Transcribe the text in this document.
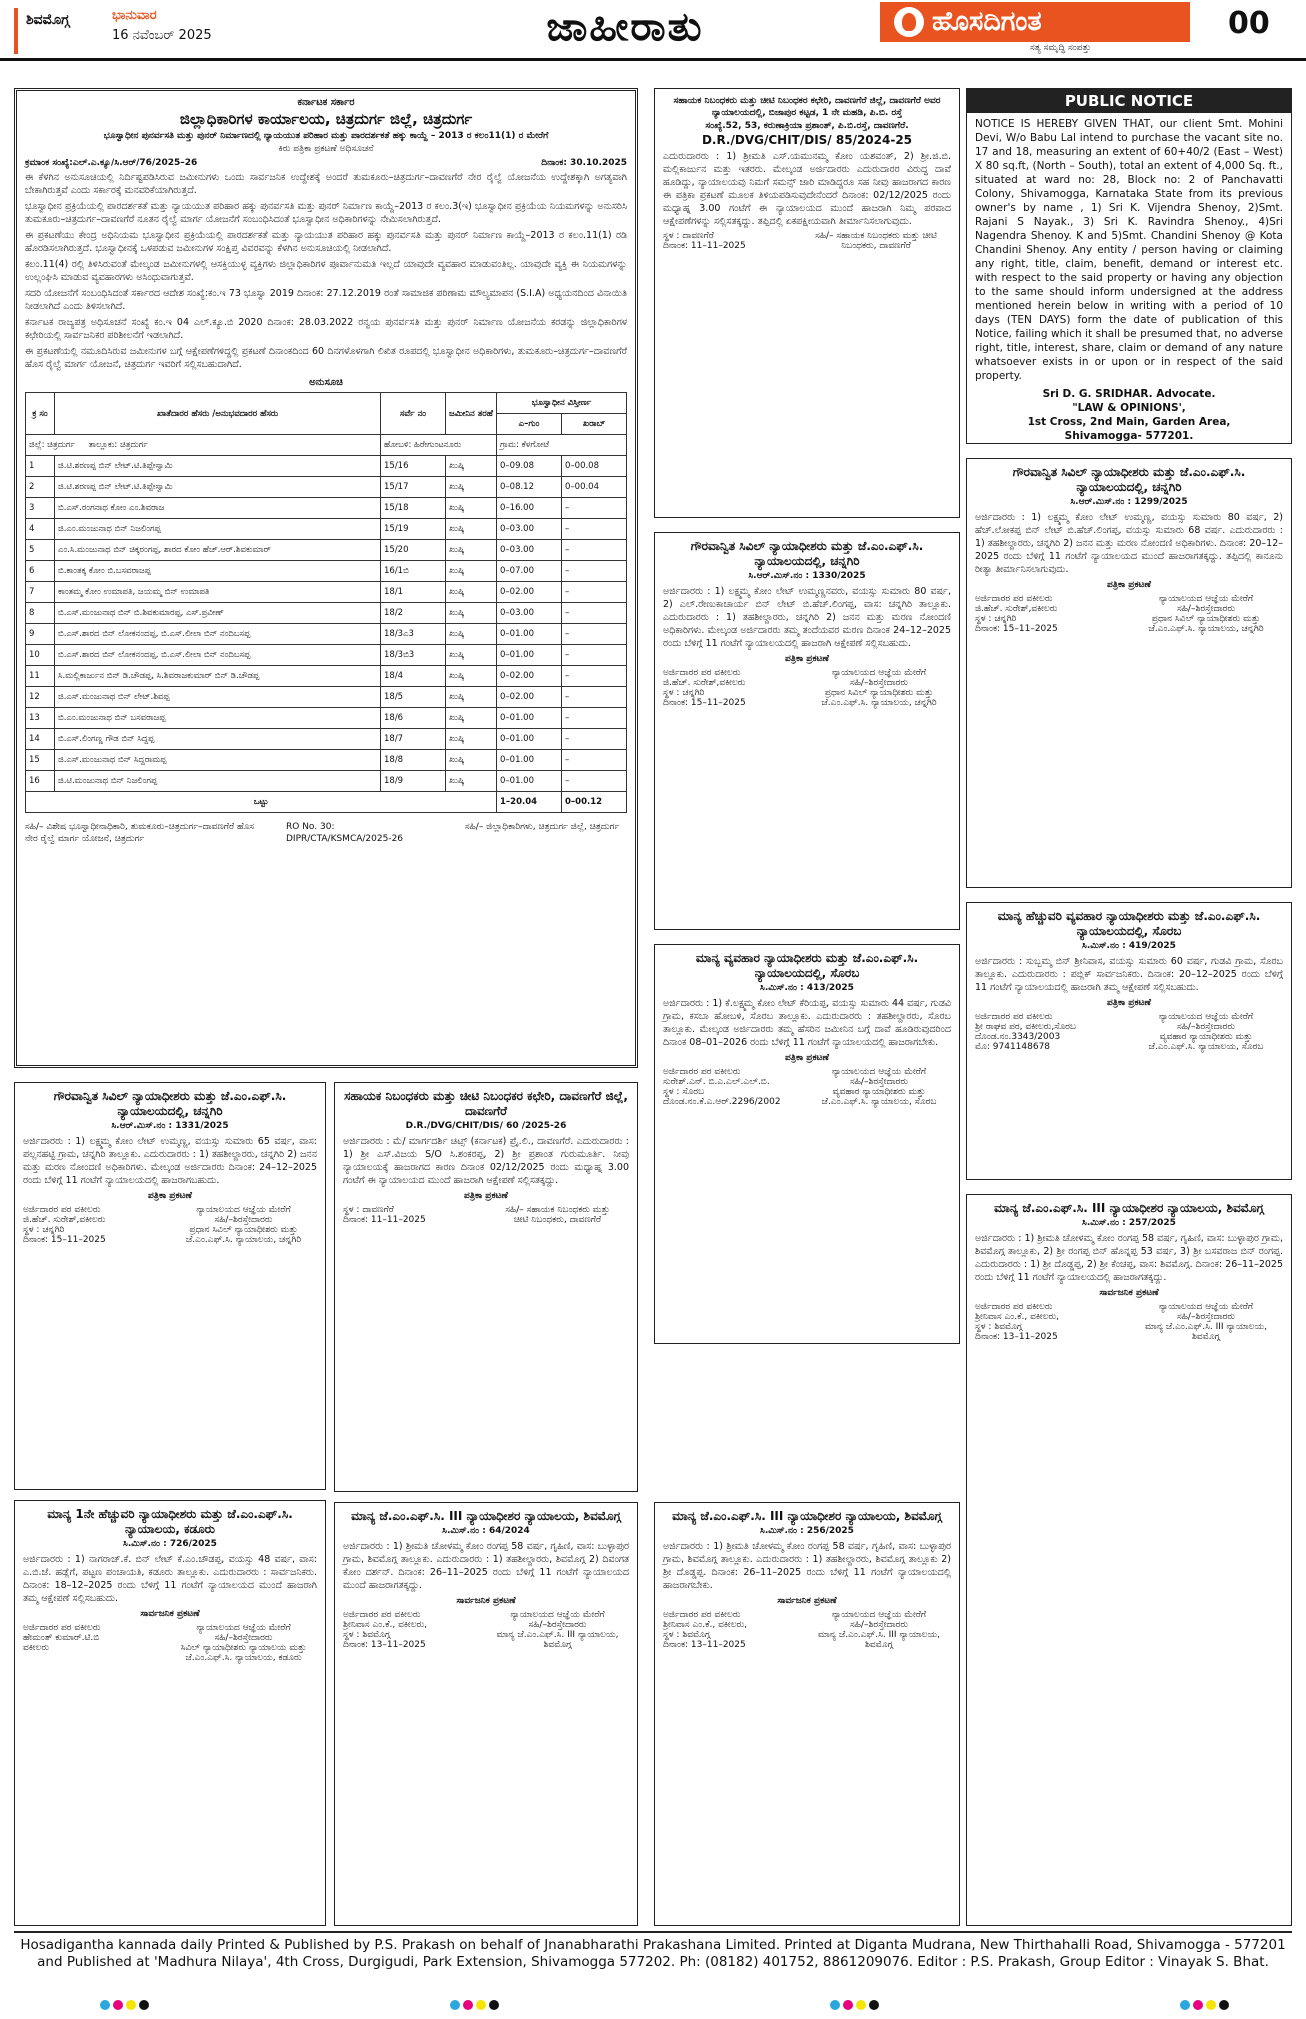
ಶಿವಮೊಗ್ಗ	ಭಾನುವಾರ
16 ನವೆಂಬರ್ 2025	ಜಾಹೀರಾತು	ಹೊಸದಿಗಂತ
ಸತ್ಯ ಸಮೃದ್ಧಿ ಸಂಪತ್ತು
00
ಕರ್ನಾಟಕ ಸರ್ಕಾರ
ಜಿಲ್ಲಾಧಿಕಾರಿಗಳ ಕಾರ್ಯಾಲಯ, ಚಿತ್ರದುರ್ಗ ಜಿಲ್ಲೆ, ಚಿತ್ರದುರ್ಗ
ಭೂಸ್ವಾಧೀನ ಪುನರ್ವಸತಿ ಮತ್ತು ಪುನರ್ ನಿರ್ಮಾಣದಲ್ಲಿ ನ್ಯಾಯಯುತ ಪರಿಹಾರ ಮತ್ತು ಪಾರದರ್ಶಕತೆ ಹಕ್ಕು ಕಾಯ್ದೆ – 2013 ರ ಕಲಂ11(1) ರ ಮೇರೆಗೆ
ಕಿರು ಪತ್ರಿಕಾ ಪ್ರಕಟಣೆ ಅಧಿಸೂಚನೆ
ಕ್ರಮಾಂಕ ಸಂಖ್ಯೆ:ಎಲ್.ಎ.ಕ್ಯೂ/ಸಿ.ಆರ್/76/2025–26	ದಿನಾಂಕ: 30.10.2025
ಈ ಕೆಳಗಿನ ಅನುಸೂಚಿಯಲ್ಲಿ ನಿರ್ದಿಷ್ಟಪಡಿಸಿರುವ ಜಮೀನುಗಳು ಒಂದು ಸಾರ್ವಜನಿಕ ಉದ್ದೇಶಕ್ಕೆ ಅಂದರೆ ತುಮಕೂರು–ಚಿತ್ರದುರ್ಗ–ದಾವಣಗೆರೆ ನೇರ ರೈಲ್ವೆ ಯೋಜನೆಯ ಉದ್ದೇಶಕ್ಕಾಗಿ ಅಗತ್ಯವಾಗಿ ಬೇಕಾಗಿರುತ್ತವೆ ಎಂದು ಸರ್ಕಾರಕ್ಕೆ ಮನವರಿಕೆಯಾಗಿರುತ್ತದೆ.
ಭೂಸ್ವಾಧೀನ ಪ್ರಕ್ರಿಯೆಯಲ್ಲಿ ಪಾರದರ್ಶಕತೆ ಮತ್ತು ನ್ಯಾಯಯುತ ಪರಿಹಾರ ಹಕ್ಕು ಪುನರ್ವಸತಿ ಮತ್ತು ಪುನರ್ ನಿರ್ಮಾಣ ಕಾಯ್ದೆ–2013 ರ ಕಲಂ.3(ಇ) ಭೂಸ್ವಾಧೀನ ಪ್ರಕ್ರಿಯೆಯ ನಿಯಮಗಳನ್ನು ಅನುಸರಿಸಿ ತುಮಕೂರು–ಚಿತ್ರದುರ್ಗ–ದಾವಣಗೆರೆ ನೂತನ ರೈಲ್ವೆ ಮಾರ್ಗ ಯೋಜನೆಗೆ ಸಂಬಂಧಿಸಿದಂತೆ ಭೂಸ್ವಾಧೀನ ಅಧಿಕಾರಿಗಳನ್ನು ನೇಮಿಸಲಾಗಿರುತ್ತದೆ.
ಈ ಪ್ರಕಟಣೆಯು ಕೇಂದ್ರ ಅಧಿನಿಯಮ ಭೂಸ್ವಾಧೀನ ಪ್ರಕ್ರಿಯೆಯಲ್ಲಿ ಪಾರದರ್ಶಕತೆ ಮತ್ತು ನ್ಯಾಯಯುತ ಪರಿಹಾರ ಹಕ್ಕು ಪುನರ್ವಸತಿ ಮತ್ತು ಪುನರ್ ನಿರ್ಮಾಣ ಕಾಯ್ದೆ–2013 ರ ಕಲಂ.11(1) ರಡಿ ಹೊರಡಿಸಲಾಗಿರುತ್ತದೆ. ಭೂಸ್ವಾಧೀನಕ್ಕೆ ಒಳಪಡುವ ಜಮೀನುಗಳ ಸಂಕ್ಷಿಪ್ತ ವಿವರವನ್ನು ಕೆಳಗಿನ ಅನುಸೂಚಿಯಲ್ಲಿ ನೀಡಲಾಗಿದೆ.
ಕಲಂ.11(4) ರಲ್ಲಿ ತಿಳಿಸಿರುವಂತೆ ಮೇಲ್ಕಂಡ ಜಮೀನುಗಳಲ್ಲಿ ಆಸಕ್ತಿಯುಳ್ಳ ವ್ಯಕ್ತಿಗಳು ಜಿಲ್ಲಾಧಿಕಾರಿಗಳ ಪೂರ್ವಾನುಮತಿ ಇಲ್ಲದೆ ಯಾವುದೇ ವ್ಯವಹಾರ ಮಾಡುವಂತಿಲ್ಲ. ಯಾವುದೇ ವ್ಯಕ್ತಿ ಈ ನಿಯಮಗಳನ್ನು ಉಲ್ಲಂಘಿಸಿ ಮಾಡುವ ವ್ಯವಹಾರಗಳು ಅಸಿಂಧುವಾಗುತ್ತವೆ.
ಸದರಿ ಯೋಜನೆಗೆ ಸಂಬಂಧಿಸಿದಂತೆ ಸರ್ಕಾರದ ಆದೇಶ ಸಂಖ್ಯೆ:ಕಂ.ಇ 73 ಭೂಸ್ವಾ 2019 ದಿನಾಂಕ: 27.12.2019 ರಂತೆ ಸಾಮಾಜಿಕ ಪರಿಣಾಮ ಮೌಲ್ಯಮಾಪನ (S.I.A) ಅಧ್ಯಯನದಿಂದ ವಿನಾಯಿತಿ ನೀಡಲಾಗಿದೆ ಎಂದು ತಿಳಿಸಲಾಗಿದೆ.
ಕರ್ನಾಟಕ ರಾಜ್ಯಪತ್ರ ಅಧಿಸೂಚನೆ ಸಂಖ್ಯೆ ಕಂ.ಇ 04 ಎಲ್.ಕ್ಯೂ.ಬಿ 2020 ದಿನಾಂಕ: 28.03.2022 ರನ್ವಯ ಪುನರ್ವಸತಿ ಮತ್ತು ಪುನರ್ ನಿರ್ಮಾಣ ಯೋಜನೆಯ ಕರಡನ್ನು ಜಿಲ್ಲಾಧಿಕಾರಿಗಳ ಕಛೇರಿಯಲ್ಲಿ ಸಾರ್ವಜನಿಕರ ಪರಿಶೀಲನೆಗೆ ಇಡಲಾಗಿದೆ.
ಈ ಪ್ರಕಟಣೆಯಲ್ಲಿ ನಮೂದಿಸಿರುವ ಜಮೀನುಗಳ ಬಗ್ಗೆ ಆಕ್ಷೇಪಣೆಗಳಿದ್ದಲ್ಲಿ ಪ್ರಕಟಣೆ ದಿನಾಂಕದಿಂದ 60 ದಿನಗಳೊಳಗಾಗಿ ಲಿಖಿತ ರೂಪದಲ್ಲಿ ಭೂಸ್ವಾಧೀನ ಅಧಿಕಾರಿಗಳು, ತುಮಕೂರು–ಚಿತ್ರದುರ್ಗ–ದಾವಣಗೆರೆ ಹೊಸ ರೈಲ್ವೆ ಮಾರ್ಗ ಯೋಜನೆ, ಚಿತ್ರದುರ್ಗ ಇವರಿಗೆ ಸಲ್ಲಿಸಬಹುದಾಗಿದೆ.
ಅನುಸೂಚಿ
ಕ್ರ ಸಂ	ಖಾತೆದಾರರ ಹೆಸರು /ಅನುಭವದಾರರ ಹೆಸರು	ಸರ್ವೆ ನಂ	ಜಮೀನಿನ ತರಹೆ	ಭೂಸ್ವಾಧೀನ ವಿಸ್ತೀರ್ಣ	
				ಎ–ಗುಂ	ಖರಾಬ್
ಜಿಲ್ಲೆ: ಚಿತ್ರದುರ್ಗ ತಾಲ್ಲೂಕು: ಚಿತ್ರದುರ್ಗ		ಹೋಬಳಿ: ಹಿರೇಗುಂಟನೂರು		ಗ್ರಾಮ: ಕೆಳಗೋಟೆ	
1	ಜಿ.ಟಿ.ಶರಣಪ್ಪ ಬಿನ್ ಲೇಟ್.ಟಿ.ತಿಪ್ಪೇಸ್ವಾಮಿ	15/16	ಖುಷ್ಕಿ	0–09.08	0–00.08
2	ಜಿ.ಟಿ.ಶರಣಪ್ಪ ಬಿನ್ ಲೇಟ್.ಟಿ.ತಿಪ್ಪೇಸ್ವಾಮಿ	15/17	ಖುಷ್ಕಿ	0–08.12	0–00.04
3	ಬಿ.ಎಸ್.ರಂಗನಾಥ ಕೋಂ ಎಂ.ಶಿವರಾಜ	15/18	ಖುಷ್ಕಿ	0–16.00	–
4	ಜಿ.ಎಂ.ಮಂಜುನಾಥ ಬಿನ್ ನಿಜಲಿಂಗಪ್ಪ	15/19	ಖುಷ್ಕಿ	0–03.00	–
5	ಎಂ.ಸಿ.ಮಂಜುನಾಥ ಬಿನ್ ಚಿಕ್ಕರಂಗಪ್ಪ, ಶಾರದ ಕೋಂ ಹೆಚ್.ಆರ್.ಶಿವಕುಮಾರ್	15/20	ಖುಷ್ಕಿ	0–03.00	–
6	ಬಿ.ಕಾಂತಕ್ಕ ಕೋಂ ಬಿ.ಬಸವರಾಜಪ್ಪ	16/1ಬಿ	ಖುಷ್ಕಿ	0–07.00	–
7	ಕಾಂತಮ್ಮ ಕೋಂ ಉಮಾಪತಿ, ಜಯಮ್ಮ ಬಿನ್ ಉಮಾಪತಿ	18/1	ಖುಷ್ಕಿ	0–02.00	–
8	ಬಿ.ಎಸ್.ಮಂಜುನಾಥ ಬಿನ್ ಬಿ.ಶಿವಕುಮಾರಪ್ಪ, ಎಸ್.ಪ್ರವೀಣ್	18/2	ಖುಷ್ಕಿ	0–03.00	–
9	ಬಿ.ಎಸ್.ಶಾರದ ಬಿನ್ ಲೋಕನಂದಪ್ಪ, ಬಿ.ಎಸ್.ಲೀಲಾ ಬಿನ್ ನಂದಿಬಸಪ್ಪ	18/3ಎ3	ಖುಷ್ಕಿ	0–01.00	–
10	ಬಿ.ಎಸ್.ಶಾರದ ಬಿನ್ ಲೋಕನಂದಪ್ಪ, ಬಿ.ಎಸ್.ಲೀಲಾ ಬಿನ್ ನಂದಿಬಸಪ್ಪ	18/3ಬಿ3	ಖುಷ್ಕಿ	0–01.00	–
11	ಸಿ.ಮಲ್ಲಿಕಾರ್ಜುನ ಬಿನ್ ಡಿ.ಚೌಡಪ್ಪ, ಸಿ.ಶಿವರಾಜಕುಮಾರ್ ಬಿನ್ ಡಿ.ಚೌಡಪ್ಪ	18/4	ಖುಷ್ಕಿ	0–02.00	–
12	ಜಿ.ಎಸ್.ಮಂಜುನಾಥ ಬಿನ್ ಲೇಟ್.ಶಿವಪ್ಪ	18/5	ಖುಷ್ಕಿ	0–02.00	–
13	ಬಿ.ಎಂ.ಮಂಜುನಾಥ ಬಿನ್ ಬಸವರಾಜಪ್ಪ	18/6	ಖುಷ್ಕಿ	0–01.00	–
14	ಬಿ.ಎಸ್.ಲಿಂಗಣ್ಣ ಗೌಡ ಬಿನ್ ಸಿದ್ದಪ್ಪ	18/7	ಖುಷ್ಕಿ	0–01.00	–
15	ಜಿ.ಎಸ್.ಮಂಜುನಾಥ ಬಿನ್ ಸಿದ್ದರಾಮಪ್ಪ	18/8	ಖುಷ್ಕಿ	0–01.00	–
16	ಜಿ.ಟಿ.ಮಂಜುನಾಥ ಬಿನ್ ನಿಜಲಿಂಗಪ್ಪ	18/9	ಖುಷ್ಕಿ	0–01.00	–
ಒಟ್ಟು				1–20.04	0–00.12
ಸಹಿ/– ವಿಶೇಷ ಭೂಸ್ವಾಧೀನಾಧಿಕಾರಿ, ತುಮಕೂರು–ಚಿತ್ರದುರ್ಗ–ದಾವಣಗೆರೆ ಹೊಸ ನೇರ ರೈಲ್ವೆ ಮಾರ್ಗ ಯೋಜನೆ, ಚಿತ್ರದುರ್ಗ
RO No. 30: DIPR/CTA/KSMCA/2025-26
ಸಹಿ/– ಜಿಲ್ಲಾಧಿಕಾರಿಗಳು, ಚಿತ್ರದುರ್ಗ ಜಿಲ್ಲೆ, ಚಿತ್ರದುರ್ಗ
ಸಹಾಯಕ ನಿಬಂಧಕರು ಮತ್ತು ಚೀಟಿ ನಿಬಂಧಕರ ಕಛೇರಿ, ದಾವಣಗೆರೆ ಜಿಲ್ಲೆ, ದಾವಣಗೆರೆ ಅವರ ನ್ಯಾಯಾಲಯದಲ್ಲಿ, ಬಿಜಾಪುರ ಕಟ್ಟಡ, 1 ನೇ ಮಹಡಿ, ಪಿ.ಬಿ. ರಸ್ತೆ
ಸಂಖ್ಯೆ.52, 53, ಕರುಣಾಕ್ರಿಯಾ ಪ್ರಶಾಂತ್, ಪಿ.ಬಿ.ರಸ್ತೆ, ದಾವಣಗೆರೆ.
D.R./DVG/CHIT/DIS/ 85/2024-25
ಎದುರುದಾರರು : 1) ಶ್ರೀಮತಿ ಎಸ್.ಯಮುನಮ್ಮ ಕೋಂ ಯಶವಂತ್, 2) ಶ್ರೀ.ಜಿ.ಬಿ. ಮಲ್ಲಿಕಾರ್ಜುನ ಮತ್ತು ಇತರರು. ಮೇಲ್ಕಂಡ ಅರ್ಜಿದಾರರು ಎದುರುದಾರರ ವಿರುದ್ಧ ದಾವೆ ಹೂಡಿದ್ದು, ನ್ಯಾಯಾಲಯವು ನಿಮಗೆ ಸಮನ್ಸ್ ಜಾರಿ ಮಾಡಿದ್ದರೂ ಸಹ ನೀವು ಹಾಜರಾಗದ ಕಾರಣ ಈ ಪತ್ರಿಕಾ ಪ್ರಕಟಣೆ ಮೂಲಕ ತಿಳಿಯಪಡಿಸುವುದೇನೆಂದರೆ ದಿನಾಂಕ: 02/12/2025 ರಂದು ಮಧ್ಯಾಹ್ನ 3.00 ಗಂಟೆಗೆ ಈ ನ್ಯಾಯಾಲಯದ ಮುಂದೆ ಹಾಜರಾಗಿ ನಿಮ್ಮ ಪರವಾದ ಆಕ್ಷೇಪಣೆಗಳನ್ನು ಸಲ್ಲಿಸತಕ್ಕದ್ದು. ತಪ್ಪಿದಲ್ಲಿ ಏಕಪಕ್ಷೀಯವಾಗಿ ತೀರ್ಮಾನಿಸಲಾಗುವುದು.
ಸ್ಥಳ : ದಾವಣಗೆರೆ
ದಿನಾಂಕ: 11–11–2025
ಸಹಿ/– ಸಹಾಯಕ ನಿಬಂಧಕರು ಮತ್ತು ಚೀಟಿ ನಿಬಂಧಕರು, ದಾವಣಗೆರೆ
PUBLIC NOTICE
NOTICE IS HEREBY GIVEN THAT, our client Smt. Mohini Devi, W/o Babu Lal intend to purchase the vacant site no. 17 and 18, measuring an extent of 60+40/2 (East – West) X 80 sq.ft, (North – South), total an extent of 4,000 Sq. ft., situated at ward no: 28, Block no: 2 of Panchavatti Colony, Shivamogga, Karnataka State from its previous owner's by name , 1) Sri K. Vijendra Shenoy, 2)Smt. Rajani S Nayak., 3) Sri K. Ravindra Shenoy., 4)Sri Nagendra Shenoy. K and 5)Smt. Chandini Shenoy @ Kota Chandini Shenoy. Any entity / person having or claiming any right, title, claim, benefit, demand or interest etc. with respect to the said property or having any objection to the same should inform undersigned at the address mentioned herein below in writing with a period of 10 days (TEN DAYS) form the date of publication of this Notice, failing which it shall be presumed that, no adverse right, title, interest, share, claim or demand of any nature whatsoever exists in or upon or in respect of the said property.
Sri D. G. SRIDHAR. Advocate.
"LAW & OPINIONS',
1st Cross, 2nd Main, Garden Area,
Shivamogga- 577201.
ಗೌರವಾನ್ವಿತ ಸಿವಿಲ್ ನ್ಯಾಯಾಧೀಶರು ಮತ್ತು ಜೆ.ಎಂ.ಎಫ್.ಸಿ. ನ್ಯಾಯಾಲಯದಲ್ಲಿ, ಚನ್ನಗಿರಿ
ಸಿ.ಆರ್.ಮಿಸ್.ನಂ : 1330/2025
ಅರ್ಜಿದಾರರು : 1) ಲಕ್ಷ್ಮಮ್ಮ ಕೋಂ ಲೇಟ್ ಉಮ್ಮಣ್ಣನವರು, ವಯಸ್ಸು ಸುಮಾರು 80 ವರ್ಷ, 2) ಎಲ್.ರೇಣುಕಾಚಾರ್ಯ ಬಿನ್ ಲೇಟ್ ಬಿ.ಹೆಚ್.ಲಿಂಗಪ್ಪ, ವಾಸ: ಚನ್ನಗಿರಿ ತಾಲ್ಲೂಕು. ಎದುರುದಾರರು : 1) ತಹಶೀಲ್ದಾರರು, ಚನ್ನಗಿರಿ 2) ಜನನ ಮತ್ತು ಮರಣ ನೋಂದಣಿ ಅಧಿಕಾರಿಗಳು. ಮೇಲ್ಕಂಡ ಅರ್ಜಿದಾರರು ತಮ್ಮ ತಂದೆಯವರ ಮರಣ ದಿನಾಂಕ 24–12–2025 ರಂದು ಬೆಳಿಗ್ಗೆ 11 ಗಂಟೆಗೆ ನ್ಯಾಯಾಲಯದಲ್ಲಿ ಹಾಜರಾಗಿ ಆಕ್ಷೇಪಣೆ ಸಲ್ಲಿಸಬಹುದು.
ಪತ್ರಿಕಾ ಪ್ರಕಟಣೆ
ಅರ್ಜಿದಾರರ ಪರ ವಕೀಲರು
ಜಿ.ಹೆಚ್. ಸುರೇಶ್,ವಕೀಲರು
ಸ್ಥಳ : ಚನ್ನಗಿರಿ
ದಿನಾಂಕ: 15–11–2025
ನ್ಯಾಯಾಲಯದ ಆಜ್ಞೆಯ ಮೇರೆಗೆ
ಸಹಿ/–ಶಿರಸ್ತೇದಾರರು
ಪ್ರಧಾನ ಸಿವಿಲ್ ನ್ಯಾಯಾಧೀಶರು ಮತ್ತು
ಜೆ.ಎಂ.ಎಫ್.ಸಿ. ನ್ಯಾಯಾಲಯ, ಚನ್ನಗಿರಿ
ಮಾನ್ಯ ವ್ಯವಹಾರ ನ್ಯಾಯಾಧೀಶರು ಮತ್ತು ಜೆ.ಎಂ.ಎಫ್.ಸಿ. ನ್ಯಾಯಾಲಯದಲ್ಲಿ, ಸೊರಬ
ಸಿ.ಮಿಸ್.ನಂ : 413/2025
ಅರ್ಜಿದಾರರು : 1) ಕೆ.ಲಕ್ಷ್ಮಮ್ಮ ಕೋಂ ಲೇಟ್ ಕೆರಿಯಪ್ಪ, ವಯಸ್ಸು ಸುಮಾರು 44 ವರ್ಷ, ಗುಡವಿ ಗ್ರಾಮ, ಕಸಬಾ ಹೋಬಳಿ, ಸೊರಬ ತಾಲ್ಲೂಕು. ಎದುರುದಾರರು : ತಹಶೀಲ್ದಾರರು, ಸೊರಬ ತಾಲ್ಲೂಕು. ಮೇಲ್ಕಂಡ ಅರ್ಜಿದಾರರು ತಮ್ಮ ಹೆಸರಿನ ಜಮೀನಿನ ಬಗ್ಗೆ ದಾವೆ ಹೂಡಿರುವುದರಿಂದ ದಿನಾಂಕ 08–01–2026 ರಂದು ಬೆಳಿಗ್ಗೆ 11 ಗಂಟೆಗೆ ನ್ಯಾಯಾಲಯದಲ್ಲಿ ಹಾಜರಾಗಬೇಕು.
ಪತ್ರಿಕಾ ಪ್ರಕಟಣೆ
ಅರ್ಜಿದಾರರ ಪರ ವಕೀಲರು
ಸುರೇಶ್.ಎನ್. ಬಿ.ಎ.ಎಲ್.ಎಲ್.ಬಿ.
ಸ್ಥಳ : ಸೊರಬ
ದೊಂಡ.ನಂ.ಕೆ.ಎ.ಆರ್.2296/2002
ನ್ಯಾಯಾಲಯದ ಆಜ್ಞೆಯ ಮೇರೆಗೆ
ಸಹಿ/–ಶಿರಸ್ತೇದಾರರು
ವ್ಯವಹಾರ ನ್ಯಾಯಾಧೀಶರು ಮತ್ತು
ಜೆ.ಎಂ.ಎಫ್.ಸಿ. ನ್ಯಾಯಾಲಯ, ಸೊರಬ
ಗೌರವಾನ್ವಿತ ಸಿವಿಲ್ ನ್ಯಾಯಾಧೀಶರು ಮತ್ತು ಜೆ.ಎಂ.ಎಫ್.ಸಿ. ನ್ಯಾಯಾಲಯದಲ್ಲಿ, ಚನ್ನಗಿರಿ
ಸಿ.ಆರ್.ಮಿಸ್.ನಂ : 1299/2025
ಅರ್ಜಿದಾರರು : 1) ಲಕ್ಷ್ಮಮ್ಮ ಕೋಂ ಲೇಟ್ ಉಮ್ಮಣ್ಣ, ವಯಸ್ಸು ಸುಮಾರು 80 ವರ್ಷ, 2) ಹೆಚ್.ಲೋಕಪ್ಪ ಬಿನ್ ಲೇಟ್ ಬಿ.ಹೆಚ್.ಲಿಂಗಪ್ಪ, ವಯಸ್ಸು ಸುಮಾರು 68 ವರ್ಷ. ಎದುರುದಾರರು : 1) ತಹಶೀಲ್ದಾರರು, ಚನ್ನಗಿರಿ 2) ಜನನ ಮತ್ತು ಮರಣ ನೋಂದಣಿ ಅಧಿಕಾರಿಗಳು. ದಿನಾಂಕ: 20–12–2025 ರಂದು ಬೆಳಿಗ್ಗೆ 11 ಗಂಟೆಗೆ ನ್ಯಾಯಾಲಯದ ಮುಂದೆ ಹಾಜರಾಗತಕ್ಕದ್ದು. ತಪ್ಪಿದಲ್ಲಿ ಕಾನೂನು ರೀತ್ಯಾ ತೀರ್ಮಾನಿಸಲಾಗುವುದು.
ಪತ್ರಿಕಾ ಪ್ರಕಟಣೆ
ಅರ್ಜಿದಾರರ ಪರ ವಕೀಲರು
ಜಿ.ಹೆಚ್. ಸುರೇಶ್,ವಕೀಲರು
ಸ್ಥಳ : ಚನ್ನಗಿರಿ
ದಿನಾಂಕ: 15–11–2025
ನ್ಯಾಯಾಲಯದ ಆಜ್ಞೆಯ ಮೇರೆಗೆ
ಸಹಿ/–ಶಿರಸ್ತೇದಾರರು
ಪ್ರಧಾನ ಸಿವಿಲ್ ನ್ಯಾಯಾಧೀಶರು ಮತ್ತು
ಜೆ.ಎಂ.ಎಫ್.ಸಿ. ನ್ಯಾಯಾಲಯ, ಚನ್ನಗಿರಿ
ಮಾನ್ಯ ಹೆಚ್ಚುವರಿ ವ್ಯವಹಾರ ನ್ಯಾಯಾಧೀಶರು ಮತ್ತು ಜೆ.ಎಂ.ಎಫ್.ಸಿ. ನ್ಯಾಯಾಲಯದಲ್ಲಿ, ಸೊರಬ
ಸಿ.ಮಿಸ್.ನಂ : 419/2025
ಅರ್ಜಿದಾರರು : ಸುಬ್ಬಮ್ಮ ಬಿನ್ ಶ್ರೀನಿವಾಸ, ವಯಸ್ಸು ಸುಮಾರು 60 ವರ್ಷ, ಗುಡವಿ ಗ್ರಾಮ, ಸೊರಬ ತಾಲ್ಲೂಕು. ಎದುರುದಾರರು : ಪಬ್ಲಿಕ್ ಸಾರ್ವಜನಿಕರು. ದಿನಾಂಕ: 20–12–2025 ರಂದು ಬೆಳಿಗ್ಗೆ 11 ಗಂಟೆಗೆ ನ್ಯಾಯಾಲಯದಲ್ಲಿ ಹಾಜರಾಗಿ ತಮ್ಮ ಆಕ್ಷೇಪಣೆ ಸಲ್ಲಿಸಬಹುದು.
ಪತ್ರಿಕಾ ಪ್ರಕಟಣೆ
ಅರ್ಜಿದಾರರ ಪರ ವಕೀಲರು
ಶ್ರೀ ರಾಘವ ಪರ, ವಕೀಲರು,ಸೊರಬ
ದೊಂಡ.ನಂ.3343/2003
ಮೊ: 9741148678
ನ್ಯಾಯಾಲಯದ ಆಜ್ಞೆಯ ಮೇರೆಗೆ
ಸಹಿ/–ಶಿರಸ್ತೇದಾರರು
ವ್ಯವಹಾರ ನ್ಯಾಯಾಧೀಶರು ಮತ್ತು
ಜೆ.ಎಂ.ಎಫ್.ಸಿ. ನ್ಯಾಯಾಲಯ, ಸೊರಬ
ಮಾನ್ಯ ಜೆ.ಎಂ.ಎಫ್.ಸಿ. III ನ್ಯಾಯಾಧೀಶರ ನ್ಯಾಯಾಲಯ, ಶಿವಮೊಗ್ಗ
ಸಿ.ಮಿಸ್.ನಂ : 257/2025
ಅರ್ಜಿದಾರರು : 1) ಶ್ರೀಮತಿ ಚೋಳಮ್ಮ ಕೋಂ ರಂಗಪ್ಪ 58 ವರ್ಷ, ಗೃಹಿಣಿ, ವಾಸ: ಬುಳ್ಳಾಪುರ ಗ್ರಾಮ, ಶಿವಮೊಗ್ಗ ತಾಲ್ಲೂಕು, 2) ಶ್ರೀ ರಂಗಪ್ಪ ಬಿನ್ ಹೊನ್ನಪ್ಪ 53 ವರ್ಷ, 3) ಶ್ರೀ ಬಸವರಾಜ ಬಿನ್ ರಂಗಪ್ಪ. ಎದುರುದಾರರು : 1) ಶ್ರೀ ದೊಡ್ಡಪ್ಪ, 2) ಶ್ರೀ ಕೆಂಚಪ್ಪ, ವಾಸ: ಶಿವಮೊಗ್ಗ. ದಿನಾಂಕ: 26–11–2025 ರಂದು ಬೆಳಿಗ್ಗೆ 11 ಗಂಟೆಗೆ ನ್ಯಾಯಾಲಯದಲ್ಲಿ ಹಾಜರಾಗತಕ್ಕದ್ದು.
ಸಾರ್ವಜನಿಕ ಪ್ರಕಟಣೆ
ಅರ್ಜಿದಾರರ ಪರ ವಕೀಲರು
ಶ್ರೀನಿವಾಸ ಎಂ.ಕೆ., ವಕೀಲರು,
ಸ್ಥಳ : ಶಿವಮೊಗ್ಗ
ದಿನಾಂಕ: 13–11–2025
ನ್ಯಾಯಾಲಯದ ಆಜ್ಞೆಯ ಮೇರೆಗೆ
ಸಹಿ/–ಶಿರಸ್ತೇದಾರರು
ಮಾನ್ಯ ಜೆ.ಎಂ.ಎಫ್.ಸಿ. III ನ್ಯಾಯಾಲಯ,
ಶಿವಮೊಗ್ಗ
ಗೌರವಾನ್ವಿತ ಸಿವಿಲ್ ನ್ಯಾಯಾಧೀಶರು ಮತ್ತು ಜೆ.ಎಂ.ಎಫ್.ಸಿ. ನ್ಯಾಯಾಲಯದಲ್ಲಿ, ಚನ್ನಗಿರಿ
ಸಿ.ಆರ್.ಮಿಸ್.ನಂ : 1331/2025
ಅರ್ಜಿದಾರರು : 1) ಲಕ್ಷ್ಮಮ್ಮ ಕೋಂ ಲೇಟ್ ಉಮ್ಮಣ್ಣ, ವಯಸ್ಸು ಸುಮಾರು 65 ವರ್ಷ, ವಾಸ: ಪಲ್ಲನಹಟ್ಟಿ ಗ್ರಾಮ, ಚನ್ನಗಿರಿ ತಾಲ್ಲೂಕು. ಎದುರುದಾರರು : 1) ತಹಶೀಲ್ದಾರರು, ಚನ್ನಗಿರಿ 2) ಜನನ ಮತ್ತು ಮರಣ ನೋಂದಣಿ ಅಧಿಕಾರಿಗಳು. ಮೇಲ್ಕಂಡ ಅರ್ಜಿದಾರರು ದಿನಾಂಕ: 24–12–2025 ರಂದು ಬೆಳಿಗ್ಗೆ 11 ಗಂಟೆಗೆ ನ್ಯಾಯಾಲಯದಲ್ಲಿ ಹಾಜರಾಗಬಹುದು.
ಪತ್ರಿಕಾ ಪ್ರಕಟಣೆ
ಅರ್ಜಿದಾರರ ಪರ ವಕೀಲರು
ಜಿ.ಹೆಚ್. ಸುರೇಶ್,ವಕೀಲರು
ಸ್ಥಳ : ಚನ್ನಗಿರಿ
ದಿನಾಂಕ: 15–11–2025
ನ್ಯಾಯಾಲಯದ ಆಜ್ಞೆಯ ಮೇರೆಗೆ
ಸಹಿ/–ಶಿರಸ್ತೇದಾರರು
ಪ್ರಧಾನ ಸಿವಿಲ್ ನ್ಯಾಯಾಧೀಶರು ಮತ್ತು
ಜೆ.ಎಂ.ಎಫ್.ಸಿ. ನ್ಯಾಯಾಲಯ, ಚನ್ನಗಿರಿ
ಸಹಾಯಕ ನಿಬಂಧಕರು ಮತ್ತು ಚೀಟಿ ನಿಬಂಧಕರ ಕಛೇರಿ, ದಾವಣಗೆರೆ ಜಿಲ್ಲೆ, ದಾವಣಗೆರೆ
D.R./DVG/CHIT/DIS/ 60 /2025-26
ಅರ್ಜಿದಾರರು : ಮೆ/ ಮಾರ್ಗದರ್ಶಿ ಚಿಟ್ಸ್ (ಕರ್ನಾಟಕ) ಪ್ರೈ.ಲಿ., ದಾವಣಗೆರೆ. ಎದುರುದಾರರು : 1) ಶ್ರೀ ಎಸ್.ವಿಜಯ S/O ಸಿ.ಶಂಕರಪ್ಪ, 2) ಶ್ರೀ ಪ್ರಶಾಂತ ಗುರುಮೂರ್ತಿ. ನೀವು ನ್ಯಾಯಾಲಯಕ್ಕೆ ಹಾಜರಾಗದ ಕಾರಣ ದಿನಾಂಕ 02/12/2025 ರಂದು ಮಧ್ಯಾಹ್ನ 3.00 ಗಂಟೆಗೆ ಈ ನ್ಯಾಯಾಲಯದ ಮುಂದೆ ಹಾಜರಾಗಿ ಆಕ್ಷೇಪಣೆ ಸಲ್ಲಿಸತಕ್ಕದ್ದು.
ಪತ್ರಿಕಾ ಪ್ರಕಟಣೆ
ಸ್ಥಳ : ದಾವಣಗೆರೆ
ದಿನಾಂಕ: 11–11–2025
ಸಹಿ/– ಸಹಾಯಕ ನಿಬಂಧಕರು ಮತ್ತು
ಚೀಟಿ ನಿಬಂಧಕರು, ದಾವಣಗೆರೆ
ಮಾನ್ಯ 1ನೇ ಹೆಚ್ಚುವರಿ ನ್ಯಾಯಾಧೀಶರು ಮತ್ತು ಜೆ.ಎಂ.ಎಫ್.ಸಿ. ನ್ಯಾಯಾಲಯ, ಕಡೂರು
ಸಿ.ಮಿಸ್.ನಂ : 726/2025
ಅರ್ಜಿದಾರರು : 1) ನಾಗರಾಜ್.ಕೆ. ಬಿನ್ ಲೇಟ್ ಕೆ.ಎಂ.ಚೌಡಪ್ಪ, ವಯಸ್ಸು 48 ವರ್ಷ, ವಾಸ: ಎ.ಬಿ.ಜೆ. ಹಡ್ಲೆಗೆ, ಪಟ್ಟಣ ಪಂಚಾಯತಿ, ಕಡೂರು ತಾಲ್ಲೂಕು. ಎದುರುದಾರರು : ಸಾರ್ವಜನಿಕರು. ದಿನಾಂಕ: 18–12–2025 ರಂದು ಬೆಳಿಗ್ಗೆ 11 ಗಂಟೆಗೆ ನ್ಯಾಯಾಲಯದ ಮುಂದೆ ಹಾಜರಾಗಿ ತಮ್ಮ ಆಕ್ಷೇಪಣೆ ಸಲ್ಲಿಸಬಹುದು.
ಸಾರ್ವಜನಿಕ ಪ್ರಕಟಣೆ
ಅರ್ಜಿದಾರರ ಪರ ವಕೀಲರು
ಹೇಮಂತ್ ಕುಮಾರ್.ಟಿ.ಬಿ
ವಕೀಲರು
ನ್ಯಾಯಾಲಯದ ಆಜ್ಞೆಯ ಮೇರೆಗೆ
ಸಹಿ/–ಶಿರಸ್ತೇದಾರರು
ಸಿವಿಲ್ ನ್ಯಾಯಾಧೀಶರು ನ್ಯಾಯಾಲಯ ಮತ್ತು
ಜೆ.ಎಂ.ಎಫ್.ಸಿ. ನ್ಯಾಯಾಲಯ, ಕಡೂರು
ಮಾನ್ಯ ಜೆ.ಎಂ.ಎಫ್.ಸಿ. III ನ್ಯಾಯಾಧೀಶರ ನ್ಯಾಯಾಲಯ, ಶಿವಮೊಗ್ಗ
ಸಿ.ಮಿಸ್.ನಂ : 64/2024
ಅರ್ಜಿದಾರರು : 1) ಶ್ರೀಮತಿ ಚೋಳಮ್ಮ ಕೋಂ ರಂಗಪ್ಪ 58 ವರ್ಷ, ಗೃಹಿಣಿ, ವಾಸ: ಬುಳ್ಳಾಪುರ ಗ್ರಾಮ, ಶಿವಮೊಗ್ಗ ತಾಲ್ಲೂಕು. ಎದುರುದಾರರು : 1) ತಹಶೀಲ್ದಾರರು, ಶಿವಮೊಗ್ಗ 2) ದಿವಂಗತ ಕೋಂ ದರ್ಶನ್. ದಿನಾಂಕ: 26–11–2025 ರಂದು ಬೆಳಿಗ್ಗೆ 11 ಗಂಟೆಗೆ ನ್ಯಾಯಾಲಯದ ಮುಂದೆ ಹಾಜರಾಗತಕ್ಕದ್ದು.
ಸಾರ್ವಜನಿಕ ಪ್ರಕಟಣೆ
ಅರ್ಜಿದಾರರ ಪರ ವಕೀಲರು
ಶ್ರೀನಿವಾಸ ಎಂ.ಕೆ., ವಕೀಲರು,
ಸ್ಥಳ : ಶಿವಮೊಗ್ಗ
ದಿನಾಂಕ: 13–11–2025
ನ್ಯಾಯಾಲಯದ ಆಜ್ಞೆಯ ಮೇರೆಗೆ
ಸಹಿ/–ಶಿರಸ್ತೇದಾರರು
ಮಾನ್ಯ ಜೆ.ಎಂ.ಎಫ್.ಸಿ. III ನ್ಯಾಯಾಲಯ,
ಶಿವಮೊಗ್ಗ
ಮಾನ್ಯ ಜೆ.ಎಂ.ಎಫ್.ಸಿ. III ನ್ಯಾಯಾಧೀಶರ ನ್ಯಾಯಾಲಯ, ಶಿವಮೊಗ್ಗ
ಸಿ.ಮಿಸ್.ನಂ : 256/2025
ಅರ್ಜಿದಾರರು : 1) ಶ್ರೀಮತಿ ಚೋಳಮ್ಮ ಕೋಂ ರಂಗಪ್ಪ 58 ವರ್ಷ, ಗೃಹಿಣಿ, ವಾಸ: ಬುಳ್ಳಾಪುರ ಗ್ರಾಮ, ಶಿವಮೊಗ್ಗ ತಾಲ್ಲೂಕು. ಎದುರುದಾರರು : 1) ತಹಶೀಲ್ದಾರರು, ಶಿವಮೊಗ್ಗ ತಾಲ್ಲೂಕು 2) ಶ್ರೀ ದೊಡ್ಡಪ್ಪ. ದಿನಾಂಕ: 26–11–2025 ರಂದು ಬೆಳಿಗ್ಗೆ 11 ಗಂಟೆಗೆ ನ್ಯಾಯಾಲಯದಲ್ಲಿ ಹಾಜರಾಗಬೇಕು.
ಸಾರ್ವಜನಿಕ ಪ್ರಕಟಣೆ
ಅರ್ಜಿದಾರರ ಪರ ವಕೀಲರು
ಶ್ರೀನಿವಾಸ ಎಂ.ಕೆ., ವಕೀಲರು,
ಸ್ಥಳ : ಶಿವಮೊಗ್ಗ
ದಿನಾಂಕ: 13–11–2025
ನ್ಯಾಯಾಲಯದ ಆಜ್ಞೆಯ ಮೇರೆಗೆ
ಸಹಿ/–ಶಿರಸ್ತೇದಾರರು
ಮಾನ್ಯ ಜೆ.ಎಂ.ಎಫ್.ಸಿ. III ನ್ಯಾಯಾಲಯ,
ಶಿವಮೊಗ್ಗ
Hosadigantha kannada daily Printed & Published by P.S. Prakash on behalf of Jnanabharathi Prakashana Limited. Printed at Diganta Mudrana, New Thirthahalli Road, Shivamogga - 577201
and Published at 'Madhura Nilaya', 4th Cross, Durgigudi, Park Extension, Shivamogga 577202. Ph: (08182) 401752, 8861209076. Editor : P.S. Prakash, Group Editor : Vinayak S. Bhat.
